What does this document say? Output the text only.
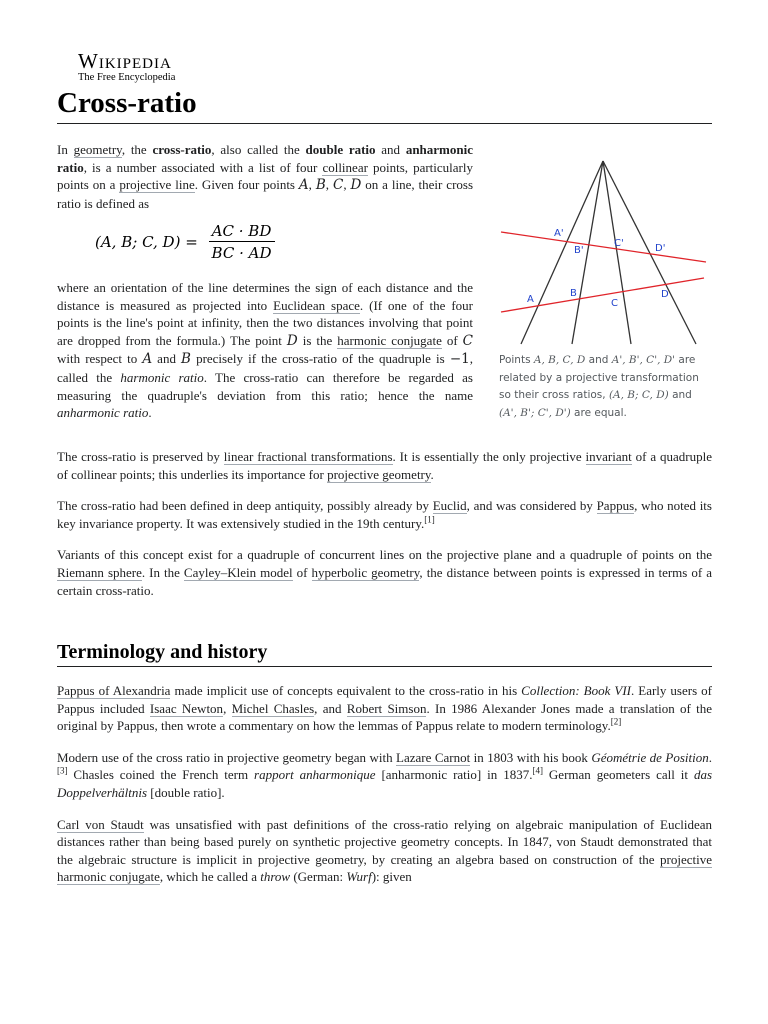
Wikipedia
The Free Encyclopedia
Cross-ratio

In geometry, the cross-ratio, also called the double ratio and anharmonic ratio, is a number associated with a list of four collinear points, particularly points on a projective line. Given four points A, B, C, D on a line, their cross ratio is defined as

(A, B; C, $D) = \frac{AC \cdot BD}{BC \cdot AD}$

where an orientation of the line determines the sign of each distance and the distance is measured as projected into Euclidean space. (If one of the four points is the line's point at infinity, then the two distances involving that point are dropped from the formula.) The point D is the harmonic conjugate of C with respect to A and B precisely if the cross-ratio of the quadruple is −1, called the harmonic ratio. The cross-ratio can therefore be regarded as measuring the quadruple's deviation from this ratio; hence the name anharmonic ratio.

A'
B'
C'	D'
A
B
C
D
Points A, B, C, D and A', B', C', D' are related by a projective transformation so their cross ratios, (A, B; C, D) and (A', B'; C', D') are equal.

The cross-ratio is preserved by linear fractional transformations. It is essentially the only projective invariant of a quadruple of collinear points; this underlies its importance for projective geometry.

The cross-ratio had been defined in deep antiquity, possibly already by Euclid, and was considered by Pappus, who noted its key invariance property. It was extensively studied in the 19th century.[1]

Variants of this concept exist for a quadruple of concurrent lines on the projective plane and a quadruple of points on the Riemann sphere. In the Cayley–Klein model of hyperbolic geometry, the distance between points is expressed in terms of a certain cross-ratio.

Terminology and history

Pappus of Alexandria made implicit use of concepts equivalent to the cross-ratio in his Collection: Book VII. Early users of Pappus included Isaac Newton, Michel Chasles, and Robert Simson. In 1986 Alexander Jones made a translation of the original by Pappus, then wrote a commentary on how the lemmas of Pappus relate to modern terminology.[2]

Modern use of the cross ratio in projective geometry began with Lazare Carnot in 1803 with his book Géométrie de Position.[3] Chasles coined the French term rapport anharmonique [anharmonic ratio] in 1837.[4] German geometers call it das Doppelverhältnis [double ratio].

Carl von Staudt was unsatisfied with past definitions of the cross-ratio relying on algebraic manipulation of Euclidean distances rather than being based purely on synthetic projective geometry concepts. In 1847, von Staudt demonstrated that the algebraic structure is implicit in projective geometry, by creating an algebra based on construction of the projective harmonic conjugate, which he called a throw (German: Wurf): given
